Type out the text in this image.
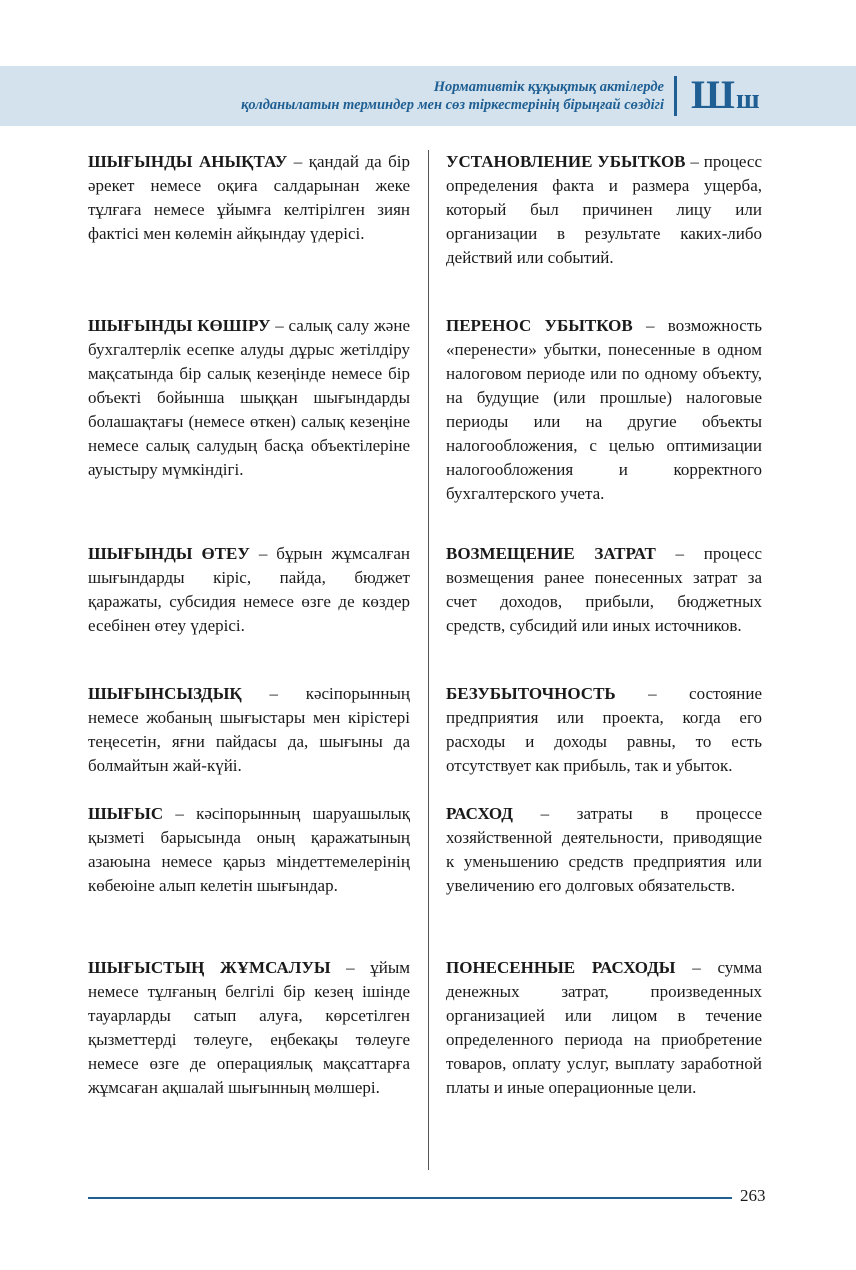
Нормативтік құқықтық актілерде
қолданылатын терминдер мен сөз тіркестерінің бірыңғай сөздігі Шш
ШЫҒЫНДЫ АНЫҚТАУ – қандай да бір әрекет немесе оқиға салдарынан жеке тұлғаға немесе ұйымға келтірілген зиян фактісі мен көлемін айқындау үдерісі.
ШЫҒЫНДЫ КӨШІРУ – салық салу және бухгалтерлік есепке алуды дұрыс жетілдіру мақсатында бір салық кезеңінде немесе бір объекті бойынша шыққан шығындарды болашақтағы (немесе өткен) салық кезеңіне немесе салық салудың басқа объектілеріне ауыстыру мүмкіндігі.
ШЫҒЫНДЫ ӨТЕУ – бұрын жұмсалған шығындарды кіріс, пайда, бюджет қаражаты, субсидия немесе өзге де көздер есебінен өтеу үдерісі.
ШЫҒЫНСЫЗДЫҚ – кәсіпорынның немесе жобаның шығыстары мен кірістері теңесетін, яғни пайдасы да, шығыны да болмайтын жай-күйі.
ШЫҒЫС – кәсіпорынның шаруашылық қызметі барысында оның қаражатының азаюына немесе қарыз міндеттемелерінің көбеюіне алып келетін шығындар.
ШЫҒЫСТЫҢ ЖҰМСАЛУЫ – ұйым немесе тұлғаның белгілі бір кезең ішінде тауарларды сатып алуға, көрсетілген қызметтерді төлеуге, еңбекақы төлеуге немесе өзге де операциялық мақсаттарға жұмсаған ақшалай шығынның мөлшері.
УСТАНОВЛЕНИЕ УБЫТКОВ – процесс определения факта и размера ущерба, который был причинен лицу или организации в результате каких-либо действий или событий.
ПЕРЕНОС УБЫТКОВ – возможность «перенести» убытки, понесенные в одном налоговом периоде или по одному объекту, на будущие (или прошлые) налоговые периоды или на другие объекты налогообложения, с целью оптимизации налогообложения и корректного бухгалтерского учета.
ВОЗМЕЩЕНИЕ ЗАТРАТ – процесс возмещения ранее понесенных затрат за счет доходов, прибыли, бюджетных средств, субсидий или иных источников.
БЕЗУБЫТОЧНОСТЬ – состояние предприятия или проекта, когда его расходы и доходы равны, то есть отсутствует как прибыль, так и убыток.
РАСХОД – затраты в процессе хозяйственной деятельности, приводящие к уменьшению средств предприятия или увеличению его долговых обязательств.
ПОНЕСЕННЫЕ РАСХОДЫ – сумма денежных затрат, произведенных организацией или лицом в течение определенного периода на приобретение товаров, оплату услуг, выплату заработной платы и иные операционные цели.
263
